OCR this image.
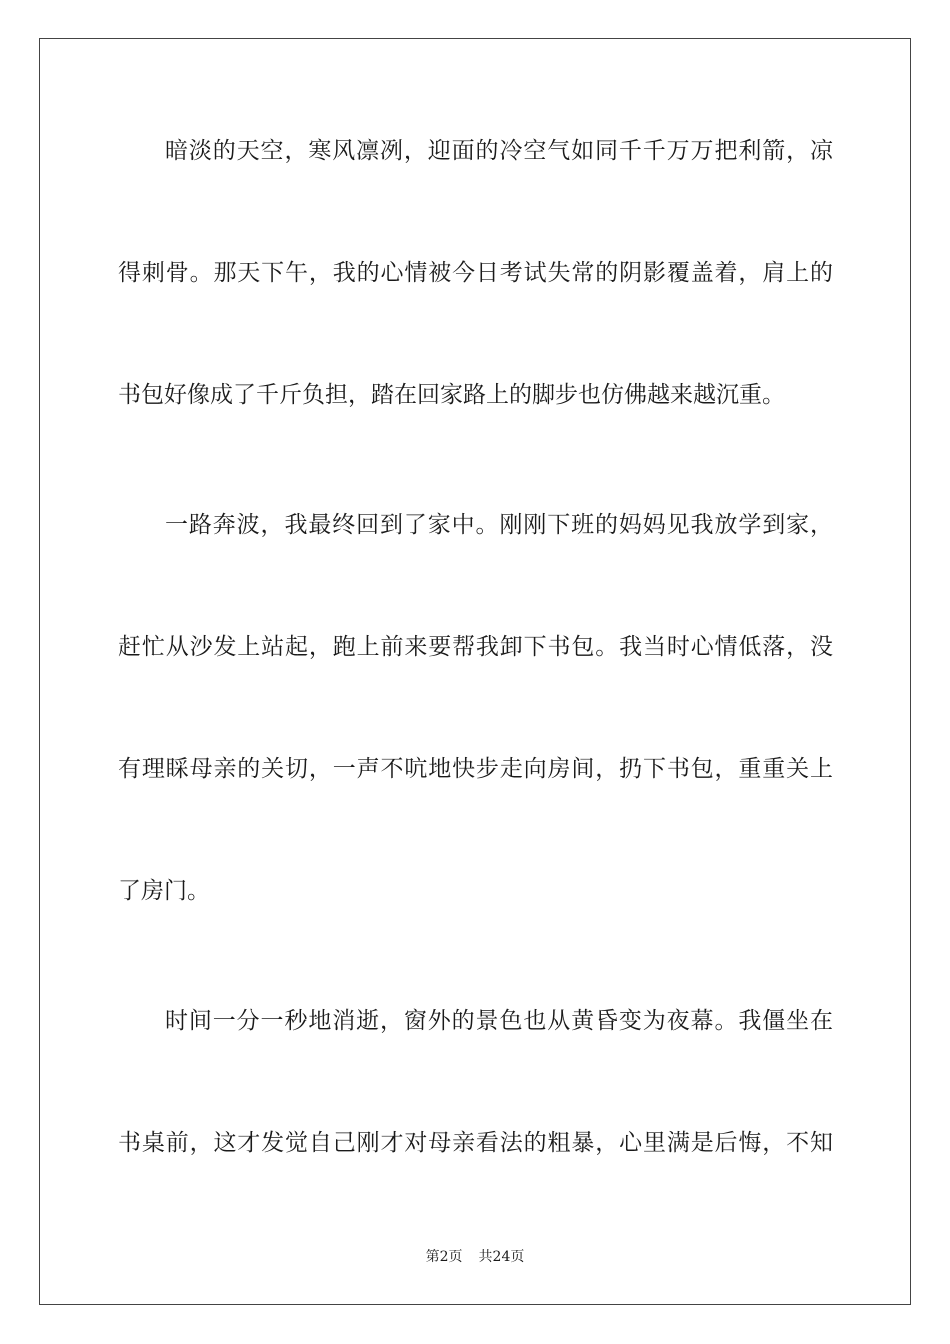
暗淡的天空，寒风凛冽，迎面的冷空气如同千千万万把利箭，凉
得刺骨。那天下午，我的心情被今日考试失常的阴影覆盖着，肩上的
书包好像成了千斤负担，踏在回家路上的脚步也仿佛越来越沉重。
一路奔波，我最终回到了家中。刚刚下班的妈妈见我放学到家，
赶忙从沙发上站起，跑上前来要帮我卸下书包。我当时心情低落，没
有理睬母亲的关切，一声不吭地快步走向房间，扔下书包，重重关上
了房门。
时间一分一秒地消逝，窗外的景色也从黄昏变为夜幕。我僵坐在
书桌前，这才发觉自己刚才对母亲看法的粗暴，心里满是后悔，不知
第2页 共24页
